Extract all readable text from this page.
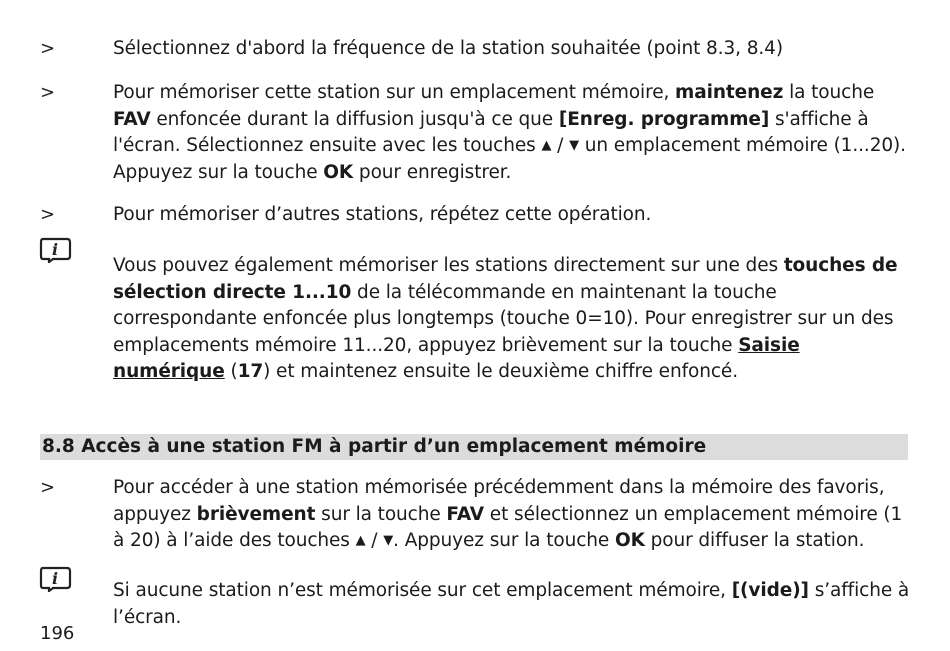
>	Sélectionnez d'abord la fréquence de la station souhaitée (point 8.3, 8.4)
>	Pour mémoriser cette station sur un emplacement mémoire, maintenez la touche FAV enfoncée durant la diffusion jusqu'à ce que [Enreg. programme] s'affiche à l'écran. Sélectionnez ensuite avec les touches ▲ / ▼ un emplacement mémoire (1...20). Appuyez sur la touche OK pour enregistrer.
>	Pour mémoriser d’autres stations, répétez cette opération.
i
Vous pouvez également mémoriser les stations directement sur une des touches de sélection directe 1...10 de la télécommande en maintenant la touche correspondante enfoncée plus longtemps (touche 0=10). Pour enregistrer sur un des emplacements mémoire 11...20, appuyez brièvement sur la touche Saisie numérique (17) et maintenez ensuite le deuxième chiffre enfoncé.
8.8 Accès à une station FM à partir d’un emplacement mémoire
>	Pour accéder à une station mémorisée précédemment dans la mémoire des favoris, appuyez brièvement sur la touche FAV et sélectionnez un emplacement mémoire (1 à 20) à l’aide des touches ▲ / ▼. Appuyez sur la touche OK pour diffuser la station.
i
Si aucune station n’est mémorisée sur cet emplacement mémoire, [(vide)] s’affiche à l’écran.
196
